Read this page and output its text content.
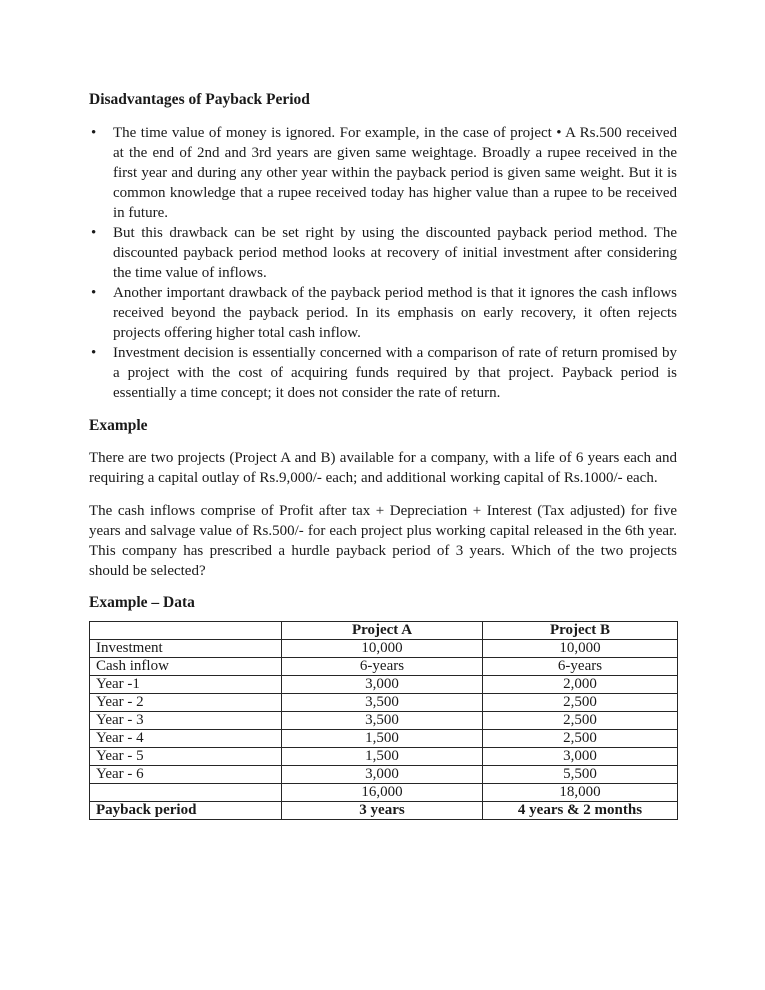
Disadvantages of Payback Period
• The time value of money is ignored. For example, in the case of project • A Rs.500 received at the end of 2nd and 3rd years are given same weightage. Broadly a rupee received in the first year and during any other year within the payback period is given same weight. But it is common knowledge that a rupee received today has higher value than a rupee to be received in future.
• But this drawback can be set right by using the discounted payback period method. The discounted payback period method looks at recovery of initial investment after considering the time value of inflows.
• Another important drawback of the payback period method is that it ignores the cash inflows received beyond the payback period. In its emphasis on early recovery, it often rejects projects offering higher total cash inflow.
• Investment decision is essentially concerned with a comparison of rate of return promised by a project with the cost of acquiring funds required by that project. Payback period is essentially a time concept; it does not consider the rate of return.
Example

There are two projects (Project A and B) available for a company, with a life of 6 years each and requiring a capital outlay of Rs.9,000/- each; and additional working capital of Rs.1000/- each.

The cash inflows comprise of Profit after tax + Depreciation + Interest (Tax adjusted) for five years and salvage value of Rs.500/- for each project plus working capital released in the 6th year. This company has prescribed a hurdle payback period of 3 years. Which of the two projects should be selected?

Example – Data
	Project A	Project B
Investment	10,000	10,000
Cash inflow	6-years	6-years
Year -1	3,000	2,000
Year - 2	3,500	2,500
Year - 3	3,500	2,500
Year - 4	1,500	2,500
Year - 5	1,500	3,000
Year - 6	3,000	5,500
	16,000	18,000
Payback period	3 years	4 years & 2 months
